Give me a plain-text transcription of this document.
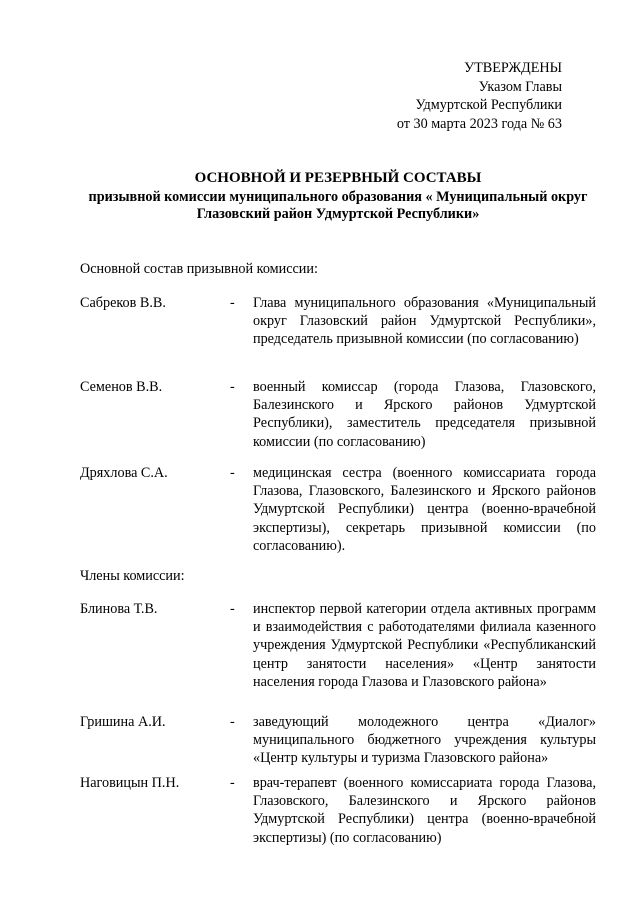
УТВЕРЖДЕНЫ
Указом Главы
Удмуртской Республики
от 30 марта 2023 года № 63
ОСНОВНОЙ И РЕЗЕРВНЫЙ СОСТАВЫ
призывной комиссии муниципального образования « Муниципальный округ Глазовский район Удмуртской Республики»
Основной состав призывной комиссии:
Сабреков В.В.	- Глава муниципального образования «Муниципальный округ Глазовский район Удмуртской Республики», председатель призывной комиссии (по согласованию)
Семенов В.В.	- военный комиссар (города Глазова, Глазовского, Балезинского и Ярского районов Удмуртской Республики), заместитель председателя призывной комиссии (по согласованию)
Дряхлова С.А.	- медицинская сестра (военного комиссариата города Глазова, Глазовского, Балезинского и Ярского районов Удмуртской Республики) центра (военно-врачебной экспертизы), секретарь призывной комиссии (по согласованию).
Члены комиссии:
Блинова Т.В.	- инспектор первой категории отдела активных программ и взаимодействия с работодателями филиала казенного учреждения Удмуртской Республики «Республиканский центр занятости населения» «Центр занятости населения города Глазова и Глазовского района»
Гришина А.И.	- заведующий молодежного центра «Диалог» муниципального бюджетного учреждения культуры «Центр культуры и туризма Глазовского района»
Наговицын П.Н.	- врач-терапевт (военного комиссариата города Глазова, Глазовского, Балезинского и Ярского районов Удмуртской Республики) центра (военно-врачебной экспертизы) (по согласованию)
